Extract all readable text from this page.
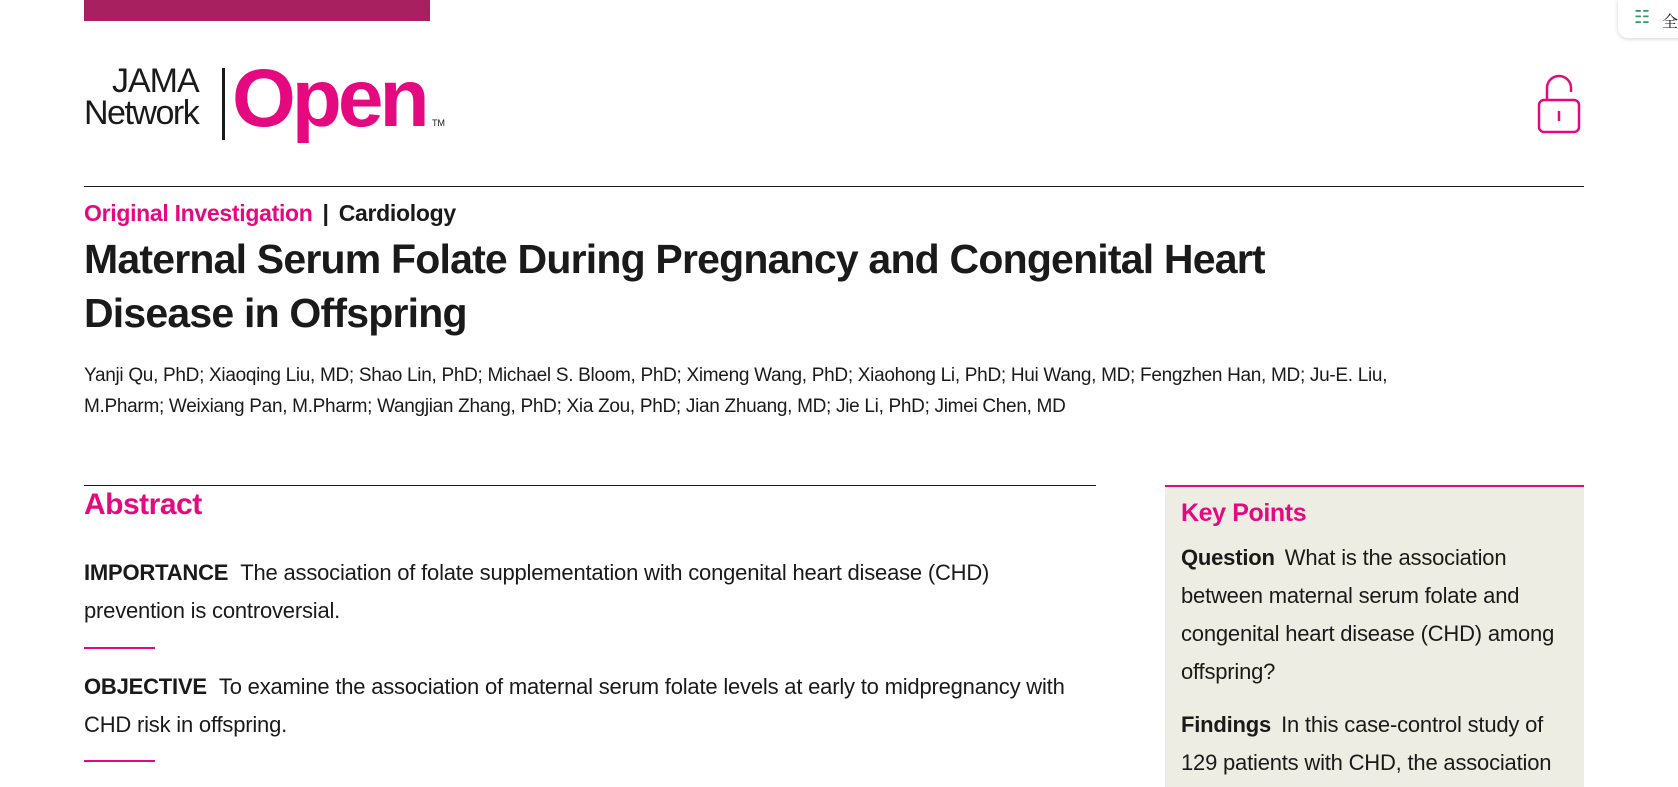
JAMA
Network Open TM
☷ 全
Original Investigation | Cardiology
Maternal Serum Folate During Pregnancy and Congenital Heart Disease in Offspring

Yanji Qu, PhD; Xiaoqing Liu, MD; Shao Lin, PhD; Michael S. Bloom, PhD; Ximeng Wang, PhD; Xiaohong Li, PhD; Hui Wang, MD; Fengzhen Han, MD; Ju-E. Liu, M.Pharm; Weixiang Pan, M.Pharm; Wangjian Zhang, PhD; Xia Zou, PhD; Jian Zhuang, MD; Jie Li, PhD; Jimei Chen, MD

Abstract

IMPORTANCE The association of folate supplementation with congenital heart disease (CHD) prevention is controversial.

OBJECTIVE To examine the association of maternal serum folate levels at early to midpregnancy with CHD risk in offspring.

Key Points

Question What is the association between maternal serum folate and congenital heart disease (CHD) among offspring?

Findings In this case-control study of 129 patients with CHD, the association
